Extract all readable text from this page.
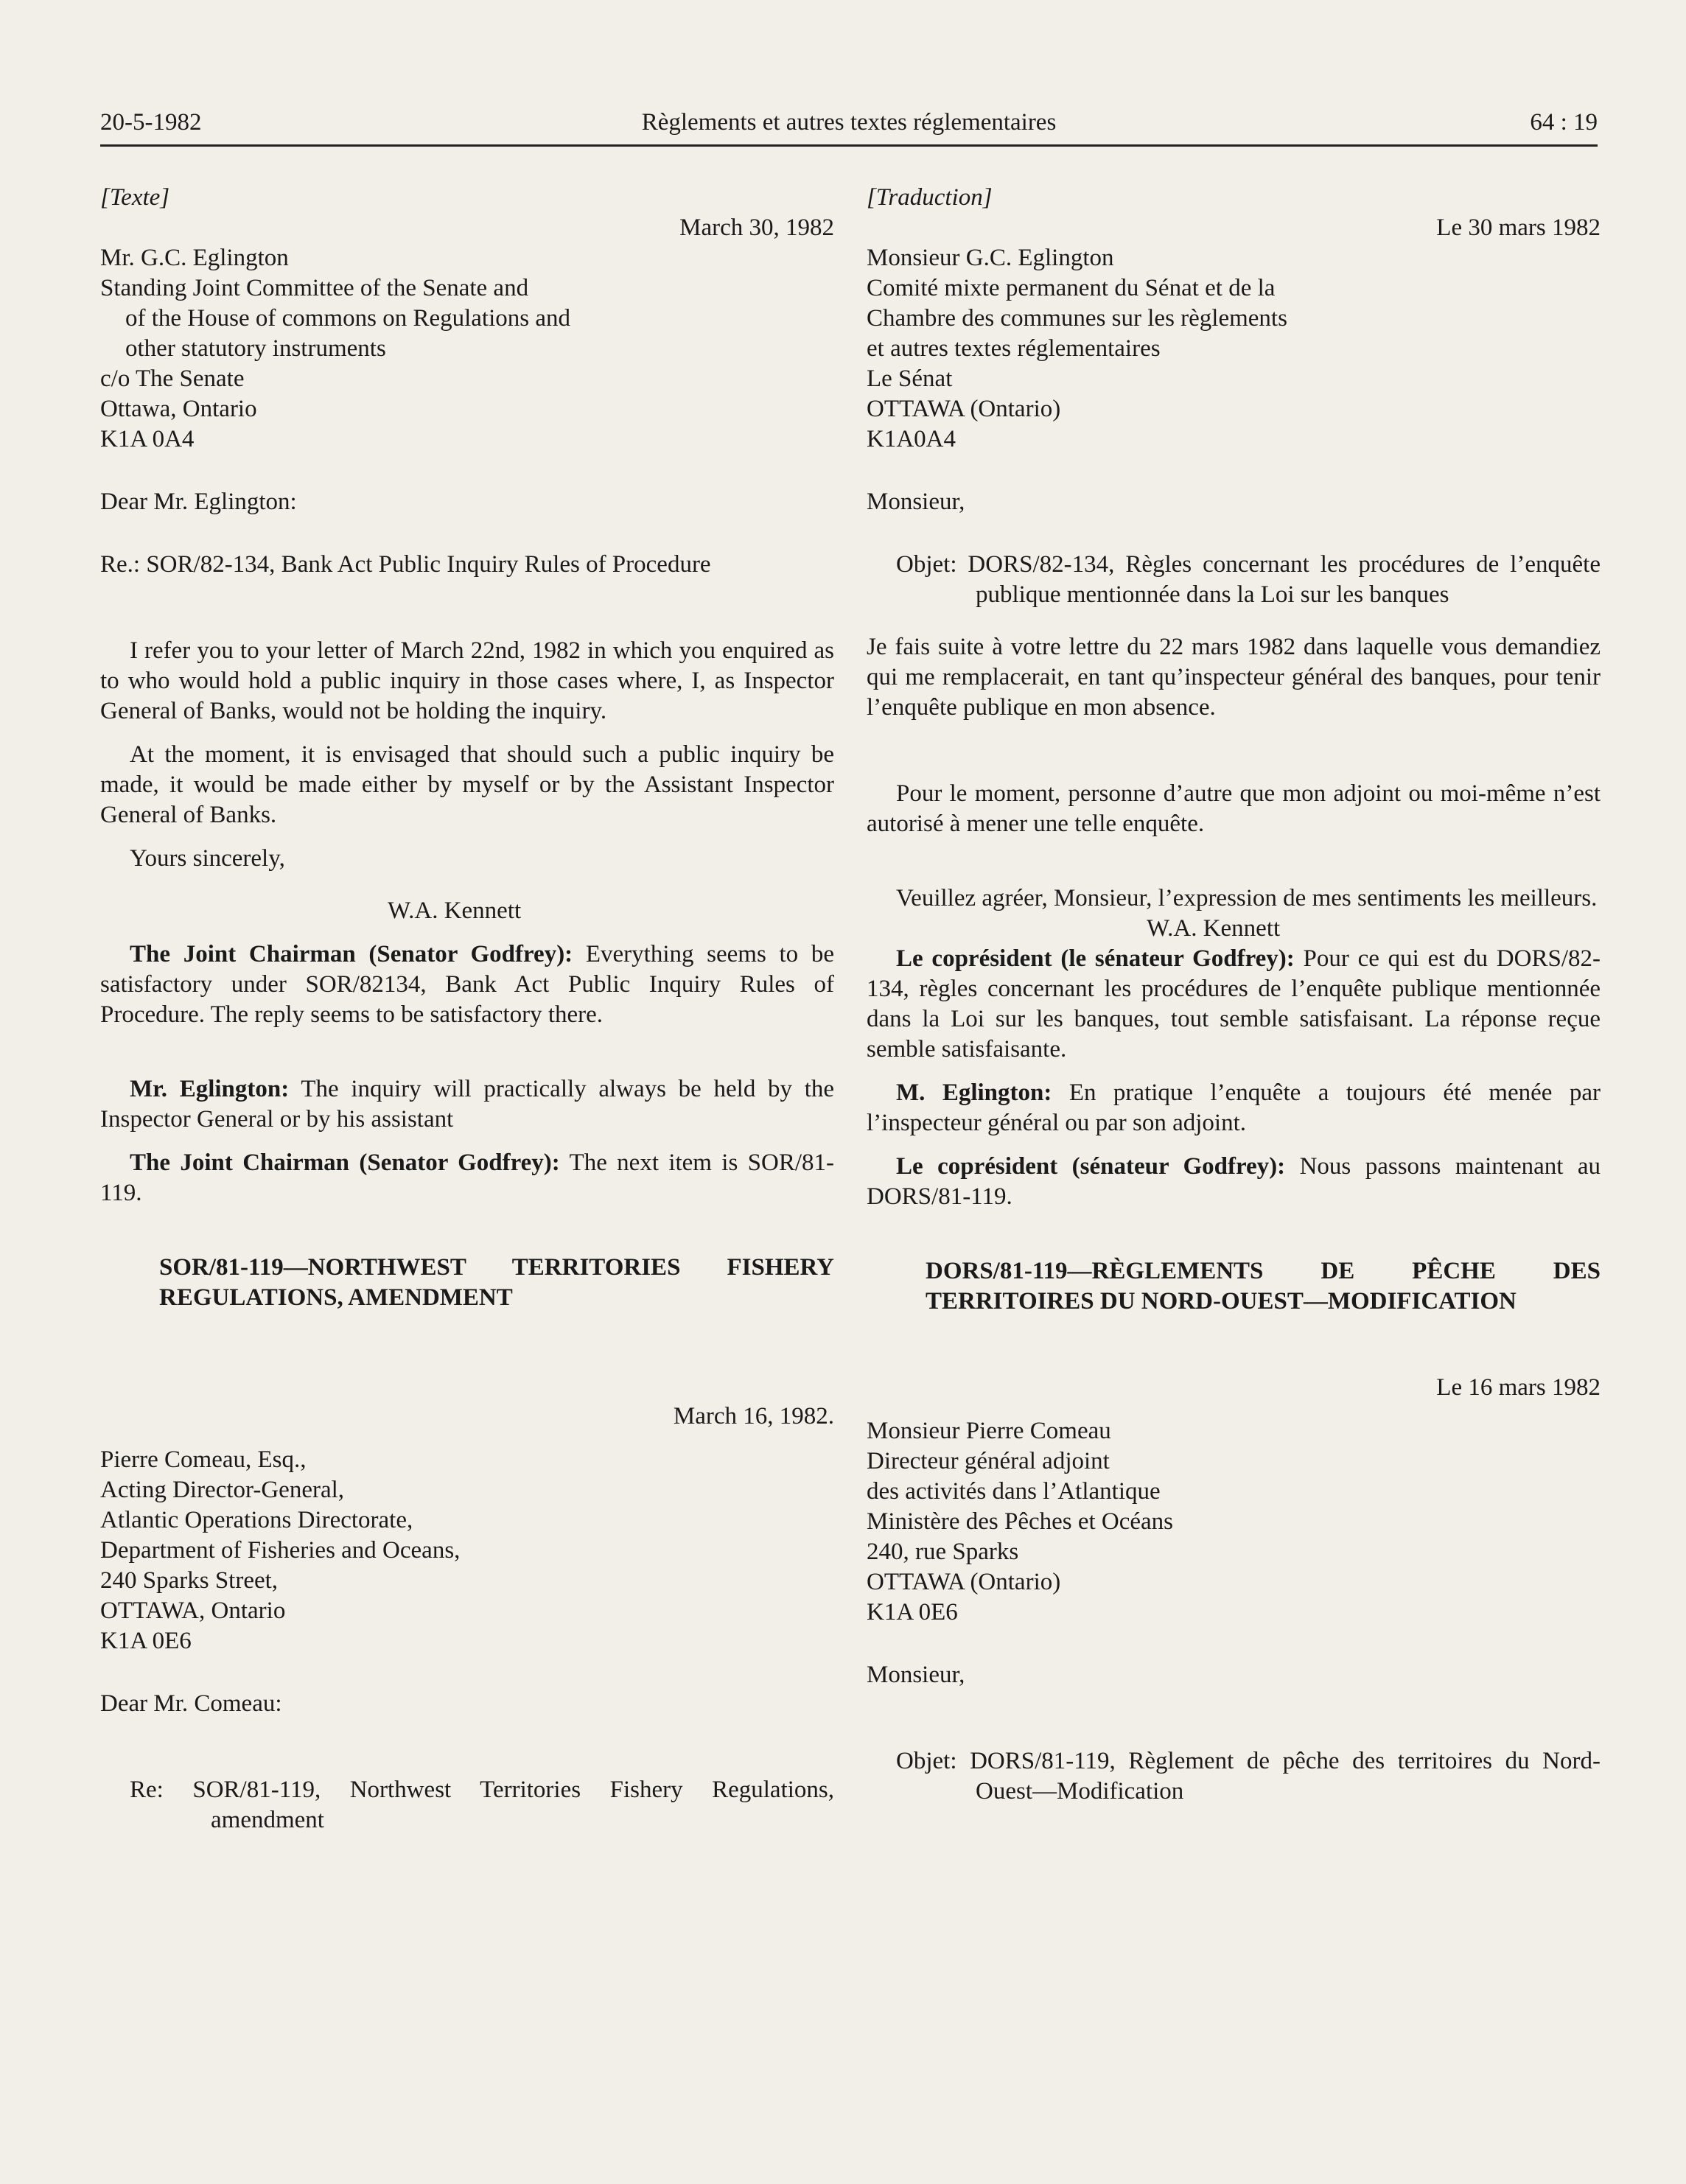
20-5-1982	Règlements et autres textes réglementaires	64 : 19

[Texte]

March 30, 1982

Mr. G.C. Eglington

Standing Joint Committee of the Senate and

of the House of commons on Regulations and

other statutory instruments

c/o The Senate

Ottawa, Ontario

K1A 0A4

Dear Mr. Eglington:

Re.: SOR/82-134, Bank Act Public Inquiry Rules of Procedure

I refer you to your letter of March 22nd, 1982 in which you enquired as to who would hold a public inquiry in those cases where, I, as Inspector General of Banks, would not be holding the inquiry.

At the moment, it is envisaged that should such a public inquiry be made, it would be made either by myself or by the Assistant Inspector General of Banks.

Yours sincerely,

W.A. Kennett

The Joint Chairman (Senator Godfrey): Everything seems to be satisfactory under SOR/82134, Bank Act Public Inquiry Rules of Procedure. The reply seems to be satisfactory there.

Mr. Eglington: The inquiry will practically always be held by the Inspector General or by his assistant

The Joint Chairman (Senator Godfrey): The next item is SOR/81-119.

SOR/81-119—NORTHWEST TERRITORIES FISHERY REGULATIONS, AMENDMENT

March 16, 1982.

Pierre Comeau, Esq.,

Acting Director-General,

Atlantic Operations Directorate,

Department of Fisheries and Oceans,

240 Sparks Street,

OTTAWA, Ontario

K1A 0E6

Dear Mr. Comeau:

Re: SOR/81-119, Northwest Territories Fishery Regulations, amendment

[Traduction]

Le 30 mars 1982

Monsieur G.C. Eglington

Comité mixte permanent du Sénat et de la

Chambre des communes sur les règlements

et autres textes réglementaires

Le Sénat

OTTAWA (Ontario)

K1A0A4

Monsieur,

Objet: DORS/82-134, Règles concernant les procédures de l’enquête publique mentionnée dans la Loi sur les banques

Je fais suite à votre lettre du 22 mars 1982 dans laquelle vous demandiez qui me remplacerait, en tant qu’inspecteur général des banques, pour tenir l’enquête publique en mon absence.

Pour le moment, personne d’autre que mon adjoint ou moi-même n’est autorisé à mener une telle enquête.

Veuillez agréer, Monsieur, l’expression de mes sentiments les meilleurs.

W.A. Kennett

Le coprésident (le sénateur Godfrey): Pour ce qui est du DORS/82-134, règles concernant les procédures de l’enquête publique mentionnée dans la Loi sur les banques, tout semble satisfaisant. La réponse reçue semble satisfaisante.

M. Eglington: En pratique l’enquête a toujours été menée par l’inspecteur général ou par son adjoint.

Le coprésident (sénateur Godfrey): Nous passons maintenant au DORS/81-119.

DORS/81-119—RÈGLEMENTS DE PÊCHE DES TERRITOIRES DU NORD-OUEST—MODIFICATION

Le 16 mars 1982

Monsieur Pierre Comeau

Directeur général adjoint

des activités dans l’Atlantique

Ministère des Pêches et Océans

240, rue Sparks

OTTAWA (Ontario)

K1A 0E6

Monsieur,

Objet: DORS/81-119, Règlement de pêche des territoires du Nord-Ouest—Modification
